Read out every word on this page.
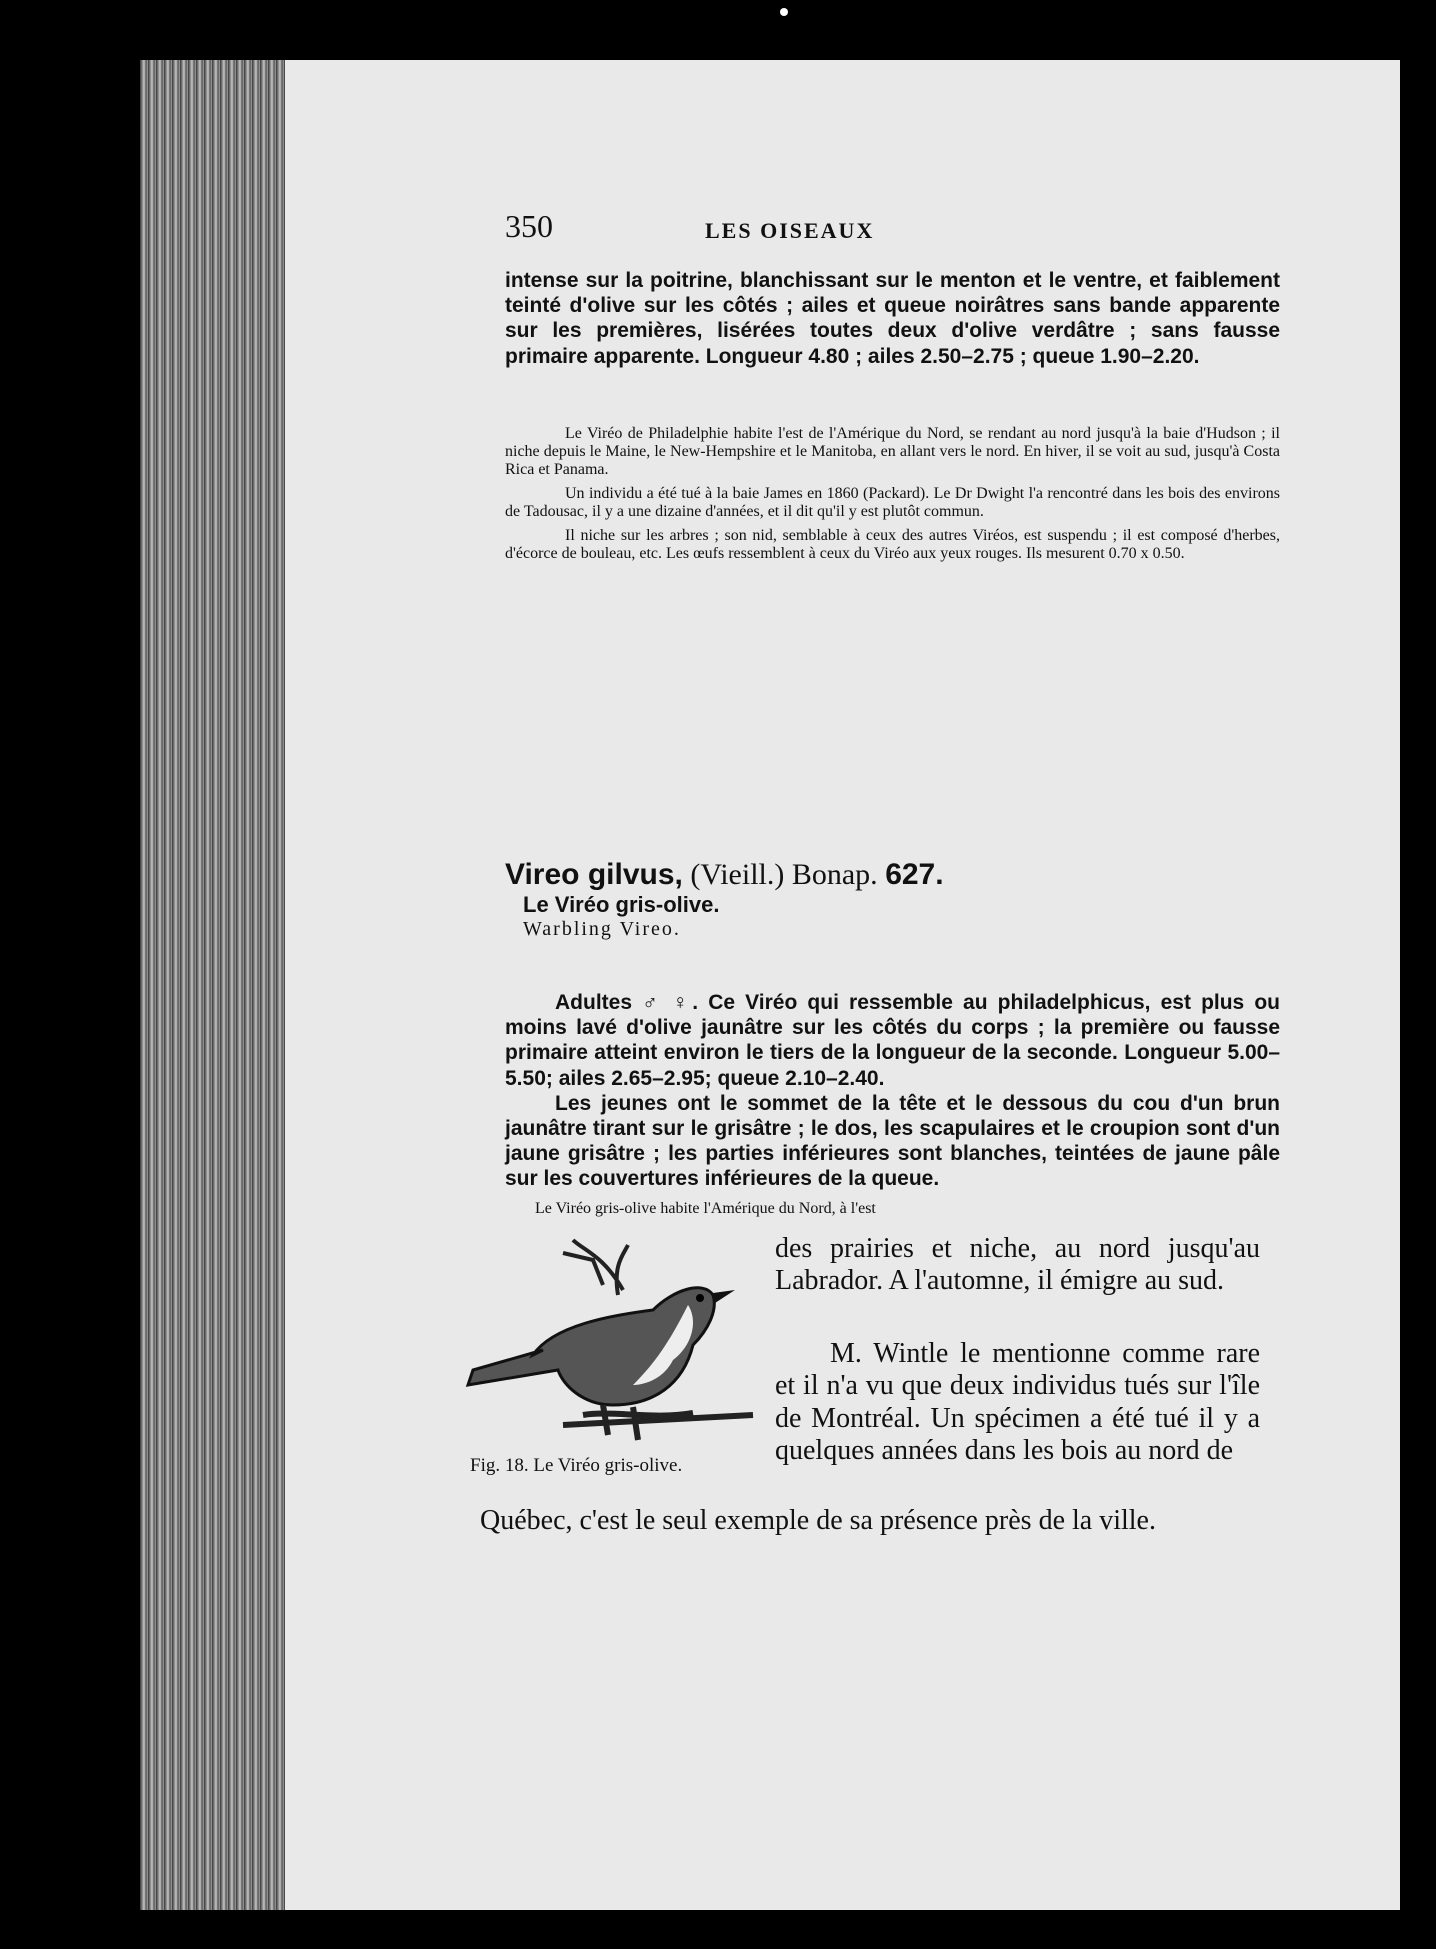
350	LES OISEAUX

intense sur la poitrine, blanchissant sur le menton et le ventre, et faiblement teinté d'olive sur les côtés ; ailes et queue noirâtres sans bande apparente sur les premières, lisérées toutes deux d'olive verdâtre ; sans fausse primaire apparente. Longueur 4.80 ; ailes 2.50–2.75 ; queue 1.90–2.20.

Le Viréo de Philadelphie habite l'est de l'Amérique du Nord, se rendant au nord jusqu'à la baie d'Hudson ; il niche depuis le Maine, le New-Hempshire et le Manitoba, en allant vers le nord. En hiver, il se voit au sud, jusqu'à Costa Rica et Panama.

Un individu a été tué à la baie James en 1860 (Packard). Le Dr Dwight l'a rencontré dans les bois des environs de Tadousac, il y a une dizaine d'années, et il dit qu'il y est plutôt commun.

Il niche sur les arbres ; son nid, semblable à ceux des autres Viréos, est suspendu ; il est composé d'herbes, d'écorce de bouleau, etc. Les œufs ressemblent à ceux du Viréo aux yeux rouges. Ils mesurent 0.70 x 0.50.

Vireo gilvus, (Vieill.) Bonap. 627.
Le Viréo gris-olive.
Warbling Vireo.

Adultes ♂ ♀. Ce Viréo qui ressemble au philadelphicus, est plus ou moins lavé d'olive jaunâtre sur les côtés du corps ; la première ou fausse primaire atteint environ le tiers de la longueur de la seconde. Longueur 5.00–5.50; ailes 2.65–2.95; queue 2.10–2.40.

Les jeunes ont le sommet de la tête et le dessous du cou d'un brun jaunâtre tirant sur le grisâtre ; le dos, les scapulaires et le croupion sont d'un jaune grisâtre ; les parties inférieures sont blanches, teintées de jaune pâle sur les couvertures inférieures de la queue.

Le Viréo gris-olive habite l'Amérique du Nord, à l'est

Fig. 18. Le Viréo gris-olive.
des prairies et niche, au nord jusqu'au Labrador. A l'automne, il émigre au sud.
M. Wintle le mentionne comme rare et il n'a vu que deux individus tués sur l'île de Montréal. Un spécimen a été tué il y a quelques années dans les bois au nord de
Québec, c'est le seul exemple de sa présence près de la ville.
